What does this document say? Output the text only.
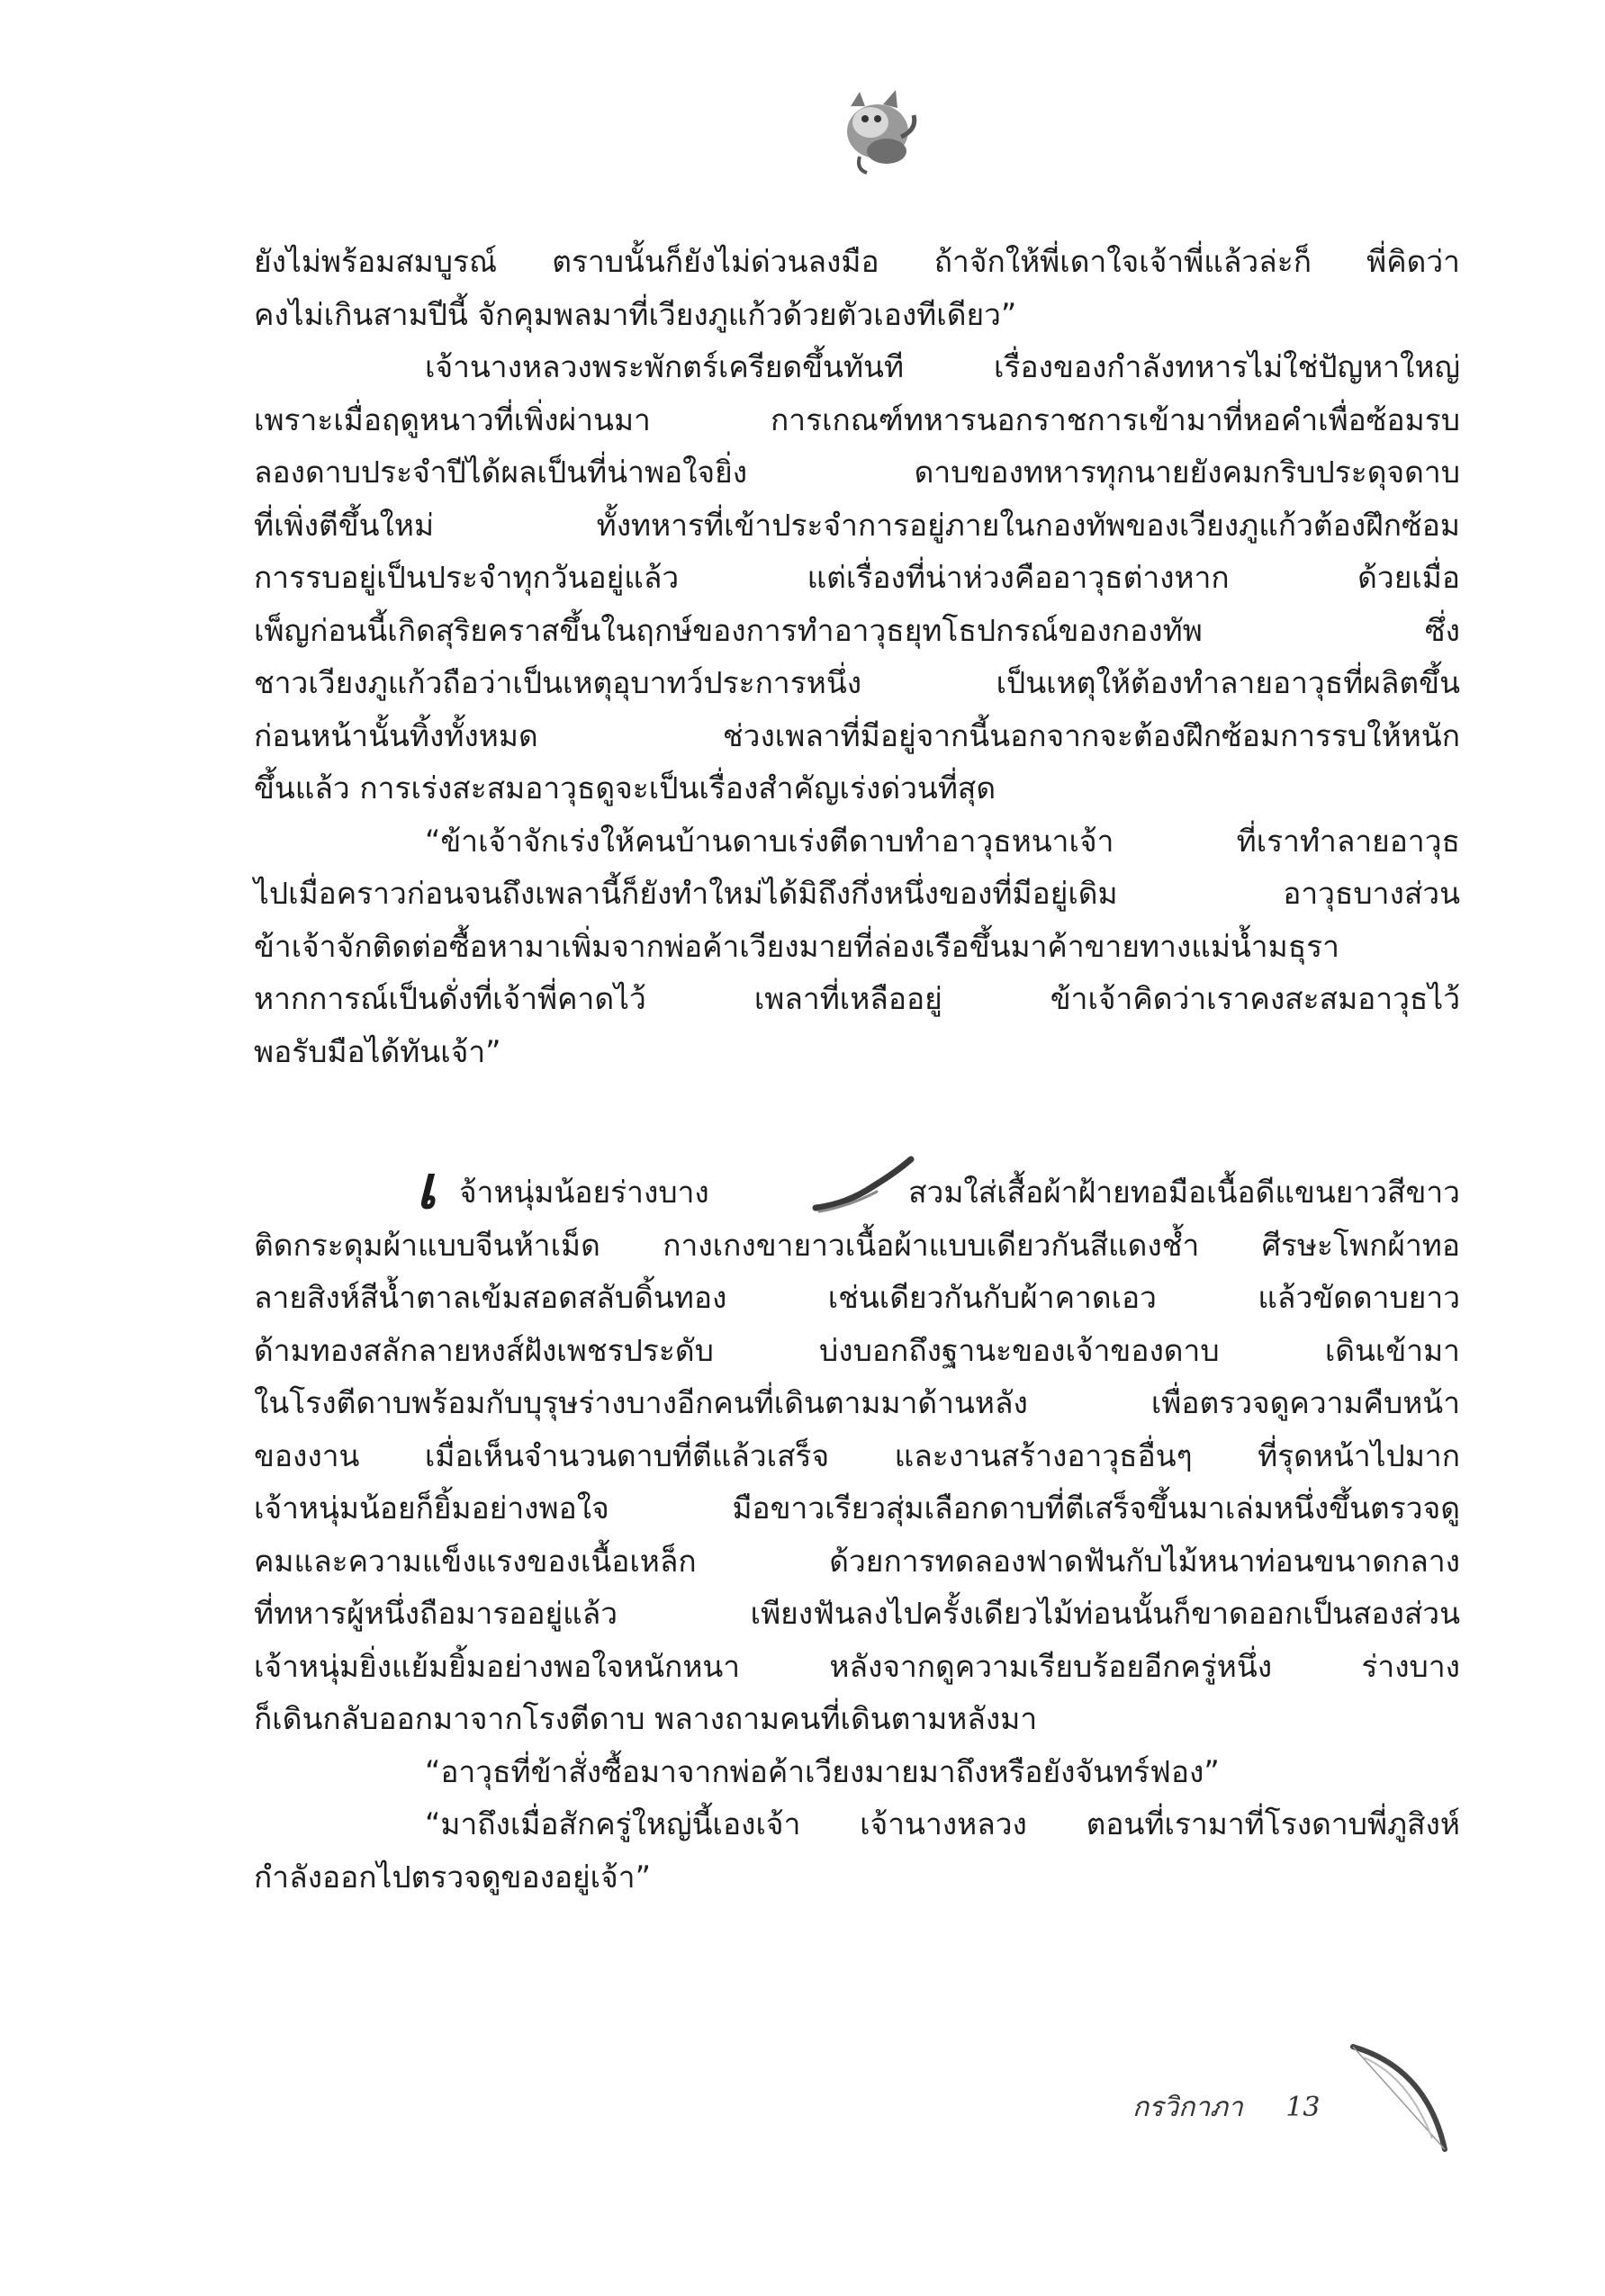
ยังไม่พร้อมสมบูรณ์ ตราบนั้นก็ยังไม่ด่วนลงมือ ถ้าจักให้พี่เดาใจเจ้าพี่แล้วล่ะก็ พี่คิดว่า
คงไม่เกินสามปีนี้ จักคุมพลมาที่เวียงภูแก้วด้วยตัวเองทีเดียว”
เจ้านางหลวงพระพักตร์เครียดขึ้นทันที เรื่องของกำลังทหารไม่ใช่ปัญหาใหญ่
เพราะเมื่อฤดูหนาวที่เพิ่งผ่านมา การเกณฑ์ทหารนอกราชการเข้ามาที่หอคำเพื่อซ้อมรบ
ลองดาบประจำปีได้ผลเป็นที่น่าพอใจยิ่ง ดาบของทหารทุกนายยังคมกริบประดุจดาบ
ที่เพิ่งตีขึ้นใหม่ ทั้งทหารที่เข้าประจำการอยู่ภายในกองทัพของเวียงภูแก้วต้องฝึกซ้อม
การรบอยู่เป็นประจำทุกวันอยู่แล้ว แต่เรื่องที่น่าห่วงคืออาวุธต่างหาก ด้วยเมื่อ
เพ็ญก่อนนี้เกิดสุริยคราสขึ้นในฤกษ์ของการทำอาวุธยุทโธปกรณ์ของกองทัพ ซึ่ง
ชาวเวียงภูแก้วถือว่าเป็นเหตุอุบาทว์ประการหนึ่ง เป็นเหตุให้ต้องทำลายอาวุธที่ผลิตขึ้น
ก่อนหน้านั้นทิ้งทั้งหมด ช่วงเพลาที่มีอยู่จากนี้นอกจากจะต้องฝึกซ้อมการรบให้หนัก
ขึ้นแล้ว การเร่งสะสมอาวุธดูจะเป็นเรื่องสำคัญเร่งด่วนที่สุด
“ข้าเจ้าจักเร่งให้คนบ้านดาบเร่งตีดาบทำอาวุธหนาเจ้า ที่เราทำลายอาวุธ
ไปเมื่อคราวก่อนจนถึงเพลานี้ก็ยังทำใหม่ได้มิถึงกึ่งหนึ่งของที่มีอยู่เดิม อาวุธบางส่วน
ข้าเจ้าจักติดต่อซื้อหามาเพิ่มจากพ่อค้าเวียงมายที่ล่องเรือขึ้นมาค้าขายทางแม่น้ำมธุรา
หากการณ์เป็นดั่งที่เจ้าพี่คาดไว้ เพลาที่เหลืออยู่ ข้าเจ้าคิดว่าเราคงสะสมอาวุธไว้
พอรับมือได้ทันเจ้า”
เ จ้าหนุ่มน้อยร่างบาง สวมใส่เสื้อผ้าฝ้ายทอมือเนื้อดีแขนยาวสีขาว
ติดกระดุมผ้าแบบจีนห้าเม็ด กางเกงขายาวเนื้อผ้าแบบเดียวกันสีแดงช้ำ ศีรษะโพกผ้าทอ
ลายสิงห์สีน้ำตาลเข้มสอดสลับดิ้นทอง เช่นเดียวกันกับผ้าคาดเอว แล้วขัดดาบยาว
ด้ามทองสลักลายหงส์ฝังเพชรประดับ บ่งบอกถึงฐานะของเจ้าของดาบ เดินเข้ามา
ในโรงตีดาบพร้อมกับบุรุษร่างบางอีกคนที่เดินตามมาด้านหลัง เพื่อตรวจดูความคืบหน้า
ของงาน เมื่อเห็นจำนวนดาบที่ตีแล้วเสร็จ และงานสร้างอาวุธอื่นๆ ที่รุดหน้าไปมาก
เจ้าหนุ่มน้อยก็ยิ้มอย่างพอใจ มือขาวเรียวสุ่มเลือกดาบที่ตีเสร็จขึ้นมาเล่มหนึ่งขึ้นตรวจดู
คมและความแข็งแรงของเนื้อเหล็ก ด้วยการทดลองฟาดฟันกับไม้หนาท่อนขนาดกลาง
ที่ทหารผู้หนึ่งถือมารออยู่แล้ว เพียงฟันลงไปครั้งเดียวไม้ท่อนนั้นก็ขาดออกเป็นสองส่วน
เจ้าหนุ่มยิ่งแย้มยิ้มอย่างพอใจหนักหนา หลังจากดูความเรียบร้อยอีกครู่หนึ่ง ร่างบาง
ก็เดินกลับออกมาจากโรงตีดาบ พลางถามคนที่เดินตามหลังมา
“อาวุธที่ข้าสั่งซื้อมาจากพ่อค้าเวียงมายมาถึงหรือยังจันทร์ฟอง”
“มาถึงเมื่อสักครู่ใหญ่นี้เองเจ้า เจ้านางหลวง ตอนที่เรามาที่โรงดาบพี่ภูสิงห์
กำลังออกไปตรวจดูของอยู่เจ้า”
กรวิกาภา 13
